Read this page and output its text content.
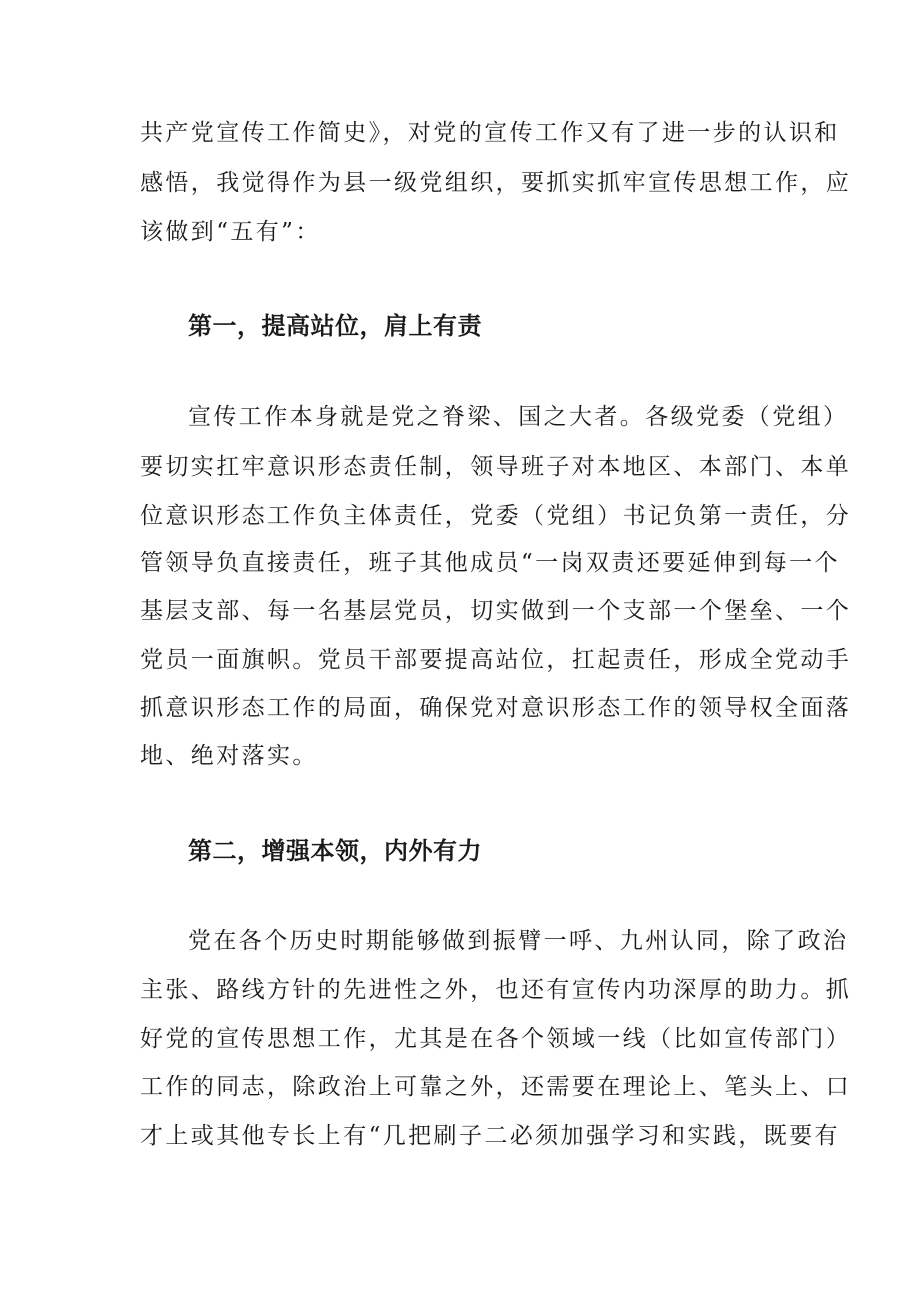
共产党宣传工作简史》，对党的宣传工作又有了进一步的认识和
感悟，我觉得作为县一级党组织，要抓实抓牢宣传思想工作，应
该做到“五有”：
第一，提高站位，肩上有责
宣传工作本身就是党之脊梁、国之大者。各级党委（党组）
要切实扛牢意识形态责任制，领导班子对本地区、本部门、本单
位意识形态工作负主体责任，党委（党组）书记负第一责任，分
管领导负直接责任，班子其他成员“一岗双责还要延伸到每一个
基层支部、每一名基层党员，切实做到一个支部一个堡垒、一个
党员一面旗帜。党员干部要提高站位，扛起责任，形成全党动手
抓意识形态工作的局面，确保党对意识形态工作的领导权全面落
地、绝对落实。
第二，增强本领，内外有力
党在各个历史时期能够做到振臂一呼、九州认同，除了政治
主张、路线方针的先进性之外，也还有宣传内功深厚的助力。抓
好党的宣传思想工作，尤其是在各个领域一线（比如宣传部门）
工作的同志，除政治上可靠之外，还需要在理论上、笔头上、口
才上或其他专长上有“几把刷子二必须加强学习和实践，既要有
